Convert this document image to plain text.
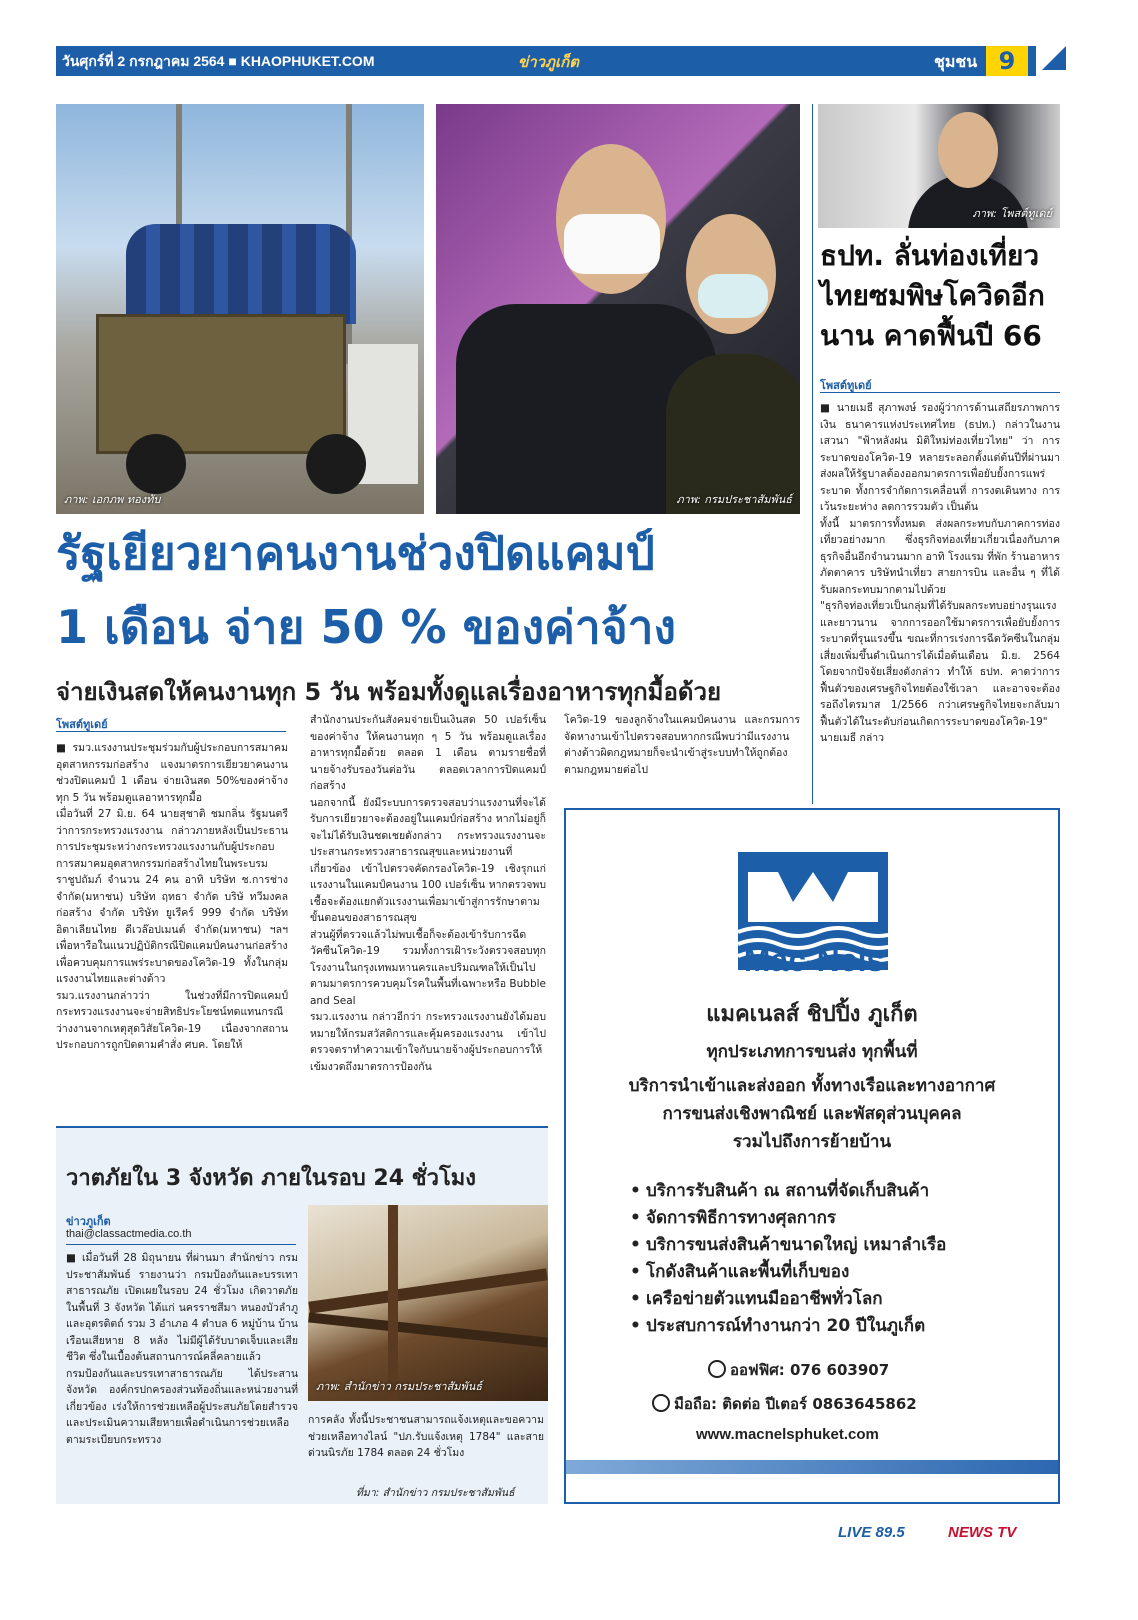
วันศุกร์ที่ 2 กรกฎาคม 2564 ■ KHAOPHUKET.COM	ข่าวภูเก็ต	ชุมชน 9
ภาพ: เอกภพ ทองทับ	ภาพ: กรมประชาสัมพันธ์
ภาพ: โพสต์ทูเดย์
รัฐเยียวยาคนงานช่วงปิดแคมป์
1 เดือน จ่าย 50 % ของค่าจ้าง
จ่ายเงินสดให้คนงานทุก 5 วัน พร้อมทั้งดูแลเรื่องอาหารทุกมื้อด้วย
โพสต์ทูเดย์
■ รมว.แรงงานประชุมร่วมกับผู้ประกอบการสมาคมอุตสาหกรรมก่อสร้าง แจงมาตรการเยียวยาคนงานช่วงปิดแคมป์ 1 เดือน จ่ายเงินสด 50%ของค่าจ้างทุก 5 วัน พร้อมดูแลอาหารทุกมื้อ
เมื่อวันที่ 27 มิ.ย. 64 นายสุชาติ ชมกลิ่น รัฐมนตรีว่าการกระทรวงแรงงาน กล่าวภายหลังเป็นประธานการประชุมระหว่างกระทรวงแรงงานกับผู้ประกอบการสมาคมอุตสาหกรรมก่อสร้างไทยในพระบรมราชูปถัมภ์ จำนวน 24 คน อาทิ บริษัท ช.การช่าง จำกัด(มหาชน) บริษัท ฤทธา จำกัด บริษั ทวีมงคลก่อสร้าง จำกัด บริษัท ยูเรีคร์ 999 จำกัด บริษัท อิตาเลียนไทย ดีเวล๊อปเมนต์ จำกัด(มหาชน) ฯลฯ เพื่อหารือในแนวปฏิบัติกรณีปิดแคมป์คนงานก่อสร้าง เพื่อควบคุมการแพร่ระบาดของโควิด-19 ทั้งในกลุ่มแรงงานไทยและต่างด้าว
รมว.แรงงานกล่าวว่า ในช่วงที่มีการปิดแคมป์กระทรวงแรงงานจะจ่ายสิทธิประโยชน์ทดแทนกรณีว่างงานจากเหตุสุดวิสัยโควิด-19 เนื่องจากสถานประกอบการถูกปิดตามคำสั่ง ศบค. โดยให้
สำนักงานประกันสังคมจ่ายเป็นเงินสด 50 เปอร์เซ็นของค่าจ้าง ให้คนงานทุก ๆ 5 วัน พร้อมดูแลเรื่องอาหารทุกมื้อด้วย ตลอด 1 เดือน ตามรายชื่อที่นายจ้างรับรองวันต่อวัน ตลอดเวลาการปิดแคมป์ก่อสร้าง
นอกจากนี้ ยังมีระบบการตรวจสอบว่าแรงงานที่จะได้รับการเยียวยาจะต้องอยู่ในแคมป์ก่อสร้าง หากไม่อยู่ก็จะไม่ได้รับเงินชดเชยดังกล่าว กระทรวงแรงงานจะประสานกระทรวงสาธารณสุขและหน่วยงานที่เกี่ยวข้อง เข้าไปตรวจคัดกรองโควิด-19 เชิงรุกแก่แรงงานในแคมป์คนงาน 100 เปอร์เซ็น หากตรวจพบเชื้อจะต้องแยกตัวแรงงานเพื่อมาเข้าสู่การรักษาตามขั้นตอนของสาธารณสุข
ส่วนผู้ที่ตรวจแล้วไม่พบเชื้อก็จะต้องเข้ารับการฉีดวัคซีนโควิด-19 รวมทั้งการเฝ้าระวังตรวจสอบทุกโรงงานในกรุงเทพมหานครและปริมณฑลให้เป็นไปตามมาตรการควบคุมโรคในพื้นที่เฉพาะหรือ Bubble and Seal
รมว.แรงงาน กล่าวอีกว่า กระทรวงแรงงานยังได้มอบหมายให้กรมสวัสดิการและคุ้มครองแรงงาน เข้าไปตรวจตราทำความเข้าใจกับนายจ้างผู้ประกอบการให้เข้มงวดถึงมาตรการป้องกัน
โควิด-19 ของลูกจ้างในแคมป์คนงาน และกรมการจัดหางานเข้าไปตรวจสอบหากกรณีพบว่ามีแรงงานต่างด้าวผิดกฎหมายก็จะนำเข้าสู่ระบบทำให้ถูกต้องตามกฎหมายต่อไป
ธปท. ลั่นท่องเที่ยวไทยซมพิษโควิดอีกนาน คาดฟื้นปี 66
โพสต์ทูเดย์
■ นายเมธี สุภาพงษ์ รองผู้ว่าการด้านเสถียรภาพการเงิน ธนาคารแห่งประเทศไทย (ธปท.) กล่าวในงานเสวนา "ฟ้าหลังฝน มิติใหม่ท่องเที่ยวไทย" ว่า การระบาดของโควิด-19 หลายระลอกตั้งแต่ต้นปีที่ผ่านมา ส่งผลให้รัฐบาลต้องออกมาตรการเพื่อยับยั้งการแพร่ระบาด ทั้งการจำกัดการเคลื่อนที่ การงดเดินทาง การเว้นระยะห่าง ลดการรวมตัว เป็นต้น
ทั้งนี้ มาตรการทั้งหมด ส่งผลกระทบกับภาคการท่องเที่ยวอย่างมาก ซึ่งธุรกิจท่องเที่ยวเกี่ยวเนื่องกับภาคธุรกิจอื่นอีกจำนวนมาก อาทิ โรงแรม ที่พัก ร้านอาหาร ภัตตาคาร บริษัทนำเที่ยว สายการบิน และอื่น ๆ ที่ได้รับผลกระทบมากตามไปด้วย
"ธุรกิจท่องเที่ยวเป็นกลุ่มที่ได้รับผลกระทบอย่างรุนแรงและยาวนาน จากการออกใช้มาตรการเพื่อยับยั้งการระบาดที่รุนแรงขึ้น ขณะที่การเร่งการฉีดวัคซีนในกลุ่มเสี่ยงเพิ่มขึ้นดำเนินการได้เมื่อต้นเดือน มิ.ย. 2564 โดยจากปัจจัยเสี่ยงดังกล่าว ทำให้ ธปท. คาดว่าการฟื้นตัวของเศรษฐกิจไทยต้องใช้เวลา และอาจจะต้องรอถึงไตรมาส 1/2566 กว่าเศรษฐกิจไทยจะกลับมาฟื้นตัวได้ในระดับก่อนเกิดการระบาดของโควิด-19" นายเมธี กล่าว
วาตภัยใน 3 จังหวัด ภายในรอบ 24 ชั่วโมง
ข่าวภูเก็ต
thai@classactmedia.co.th
■ เมื่อวันที่ 28 มิถุนายน ที่ผ่านมา สำนักข่าว กรมประชาสัมพันธ์ รายงานว่า กรมป้องกันและบรรเทาสาธารณภัย เปิดเผยในรอบ 24 ชั่วโมง เกิดวาตภัยในพื้นที่ 3 จังหวัด ได้แก่ นครราชสีมา หนองบัวลำภูและอุตรดิตถ์ รวม 3 อำเภอ 4 ตำบล 6 หมู่บ้าน บ้านเรือนเสียหาย 8 หลัง ไม่มีผู้ได้รับบาดเจ็บและเสียชีวิต ซึ่งในเบื้องต้นสถานการณ์คลี่คลายแล้ว
กรมป้องกันและบรรเทาสาธารณภัย ได้ประสานจังหวัด องค์กรปกครองส่วนท้องถิ่นและหน่วยงานที่เกี่ยวข้อง เร่งให้การช่วยเหลือผู้ประสบภัยโดยสำรวจและประเมินความเสียหายเพื่อดำเนินการช่วยเหลือตามระเบียบกระทรวง
ภาพ: สำนักข่าว กรมประชาสัมพันธ์
การคลัง ทั้งนี้ประชาชนสามารถแจ้งเหตุและขอความช่วยเหลือทางไลน์ "ปภ.รับแจ้งเหตุ 1784" และสายด่วนนิรภัย 1784 ตลอด 24 ชั่วโมง
ที่มา: สำนักข่าว กรมประชาสัมพันธ์
Mac-Nels
แมคเนลส์ ชิปปิ้ง ภูเก็ต
ทุกประเภทการขนส่ง ทุกพื้นที่
บริการนำเข้าและส่งออก ทั้งทางเรือและทางอากาศ
การขนส่งเชิงพาณิชย์ และพัสดุส่วนบุคคล
รวมไปถึงการย้ายบ้าน
• บริการรับสินค้า ณ สถานที่จัดเก็บสินค้า
• จัดการพิธีการทางศุลกากร
• บริการขนส่งสินค้าขนาดใหญ่ เหมาลำเรือ
• โกดังสินค้าและพื้นที่เก็บของ
• เครือข่ายตัวแทนมืออาชีพทั่วโลก
• ประสบการณ์ทำงานกว่า 20 ปีในภูเก็ต
ออฟฟิศ: 076 603907
มือถือ: ติดต่อ ปีเตอร์ 0863645862
www.macnelsphuket.com
LIVE 89.5	NEWS TV
